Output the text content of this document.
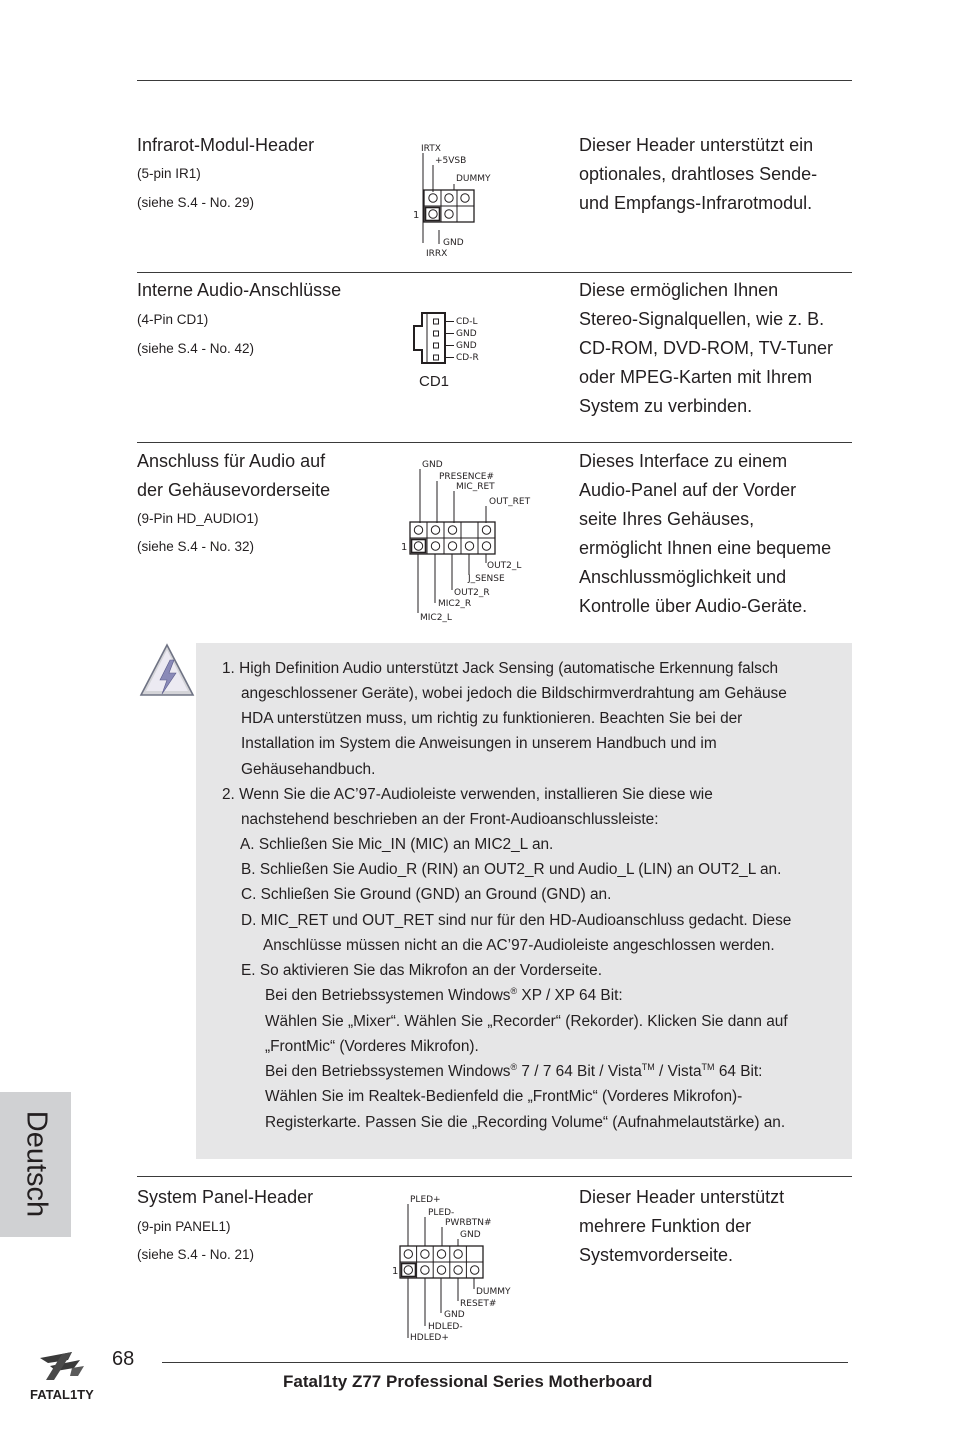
Infrarot-Modul-Header
(5-pin IR1)
(siehe S.4 - No. 29)
IRTX
+5VSB
DUMMY
1
GND
IRRX
Dieser Header unterstützt ein
optionales, drahtloses Sende-
und Empfangs-Infrarotmodul.
Interne Audio-Anschlüsse
(4-Pin CD1)
(siehe S.4 - No. 42)
CD-L
GND
GND
CD-R
CD1
Diese ermöglichen Ihnen
Stereo-Signalquellen, wie z. B.
CD-ROM, DVD-ROM, TV-Tuner
oder MPEG-Karten mit Ihrem
System zu verbinden.
Anschluss für Audio auf
der Gehäusevorderseite
(9-Pin HD_AUDIO1)
(siehe S.4 - No. 32)
GND
PRESENCE#
MIC_RET
OUT_RET
1
OUT2_L
J_SENSE
OUT2_R
MIC2_R
MIC2_L
Dieses Interface zu einem
Audio-Panel auf der Vorder
seite Ihres Gehäuses,
ermöglicht Ihnen eine bequeme
Anschlussmöglichkeit und
Kontrolle über Audio-Geräte.
1. High Definition Audio unterstützt Jack Sensing (automatische Erkennung falsch
angeschlossener Geräte), wobei jedoch die Bildschirmverdrahtung am Gehäuse
HDA unterstützen muss, um richtig zu funktionieren. Beachten Sie bei der
Installation im System die Anweisungen in unserem Handbuch und im
Gehäusehandbuch.
2. Wenn Sie die AC’97-Audioleiste verwenden, installieren Sie diese wie
nachstehend beschrieben an der Front-Audioanschlussleiste:
A. Schließen Sie Mic_IN (MIC) an MIC2_L an.
B. Schließen Sie Audio_R (RIN) an OUT2_R und Audio_L (LIN) an OUT2_L an.
C. Schließen Sie Ground (GND) an Ground (GND) an.
D. MIC_RET und OUT_RET sind nur für den HD-Audioanschluss gedacht. Diese
Anschlüsse müssen nicht an die AC’97-Audioleiste angeschlossen werden.
E. So aktivieren Sie das Mikrofon an der Vorderseite.
Bei den Betriebssystemen Windows® XP / XP 64 Bit:
Wählen Sie „Mixer“. Wählen Sie „Recorder“ (Rekorder). Klicken Sie dann auf
„FrontMic“ (Vorderes Mikrofon).
Bei den Betriebssystemen Windows® 7 / 7 64 Bit / Vista™ / Vista™ 64 Bit:
Wählen Sie im Realtek-Bedienfeld die „FrontMic“ (Vorderes Mikrofon)-
Registerkarte. Passen Sie die „Recording Volume“ (Aufnahmelautstärke) an.
Deutsch	System Panel-Header
(9-pin PANEL1)
(siehe S.4 - No. 21)
PLED+
PLED-
PWRBTN#
GND
1
DUMMY
RESET#
GND
HDLED-
HDLED+
Dieser Header unterstützt
mehrere Funktion der
Systemvorderseite.
FATAL1TY
68
Fatal1ty Z77 Professional Series Motherboard
